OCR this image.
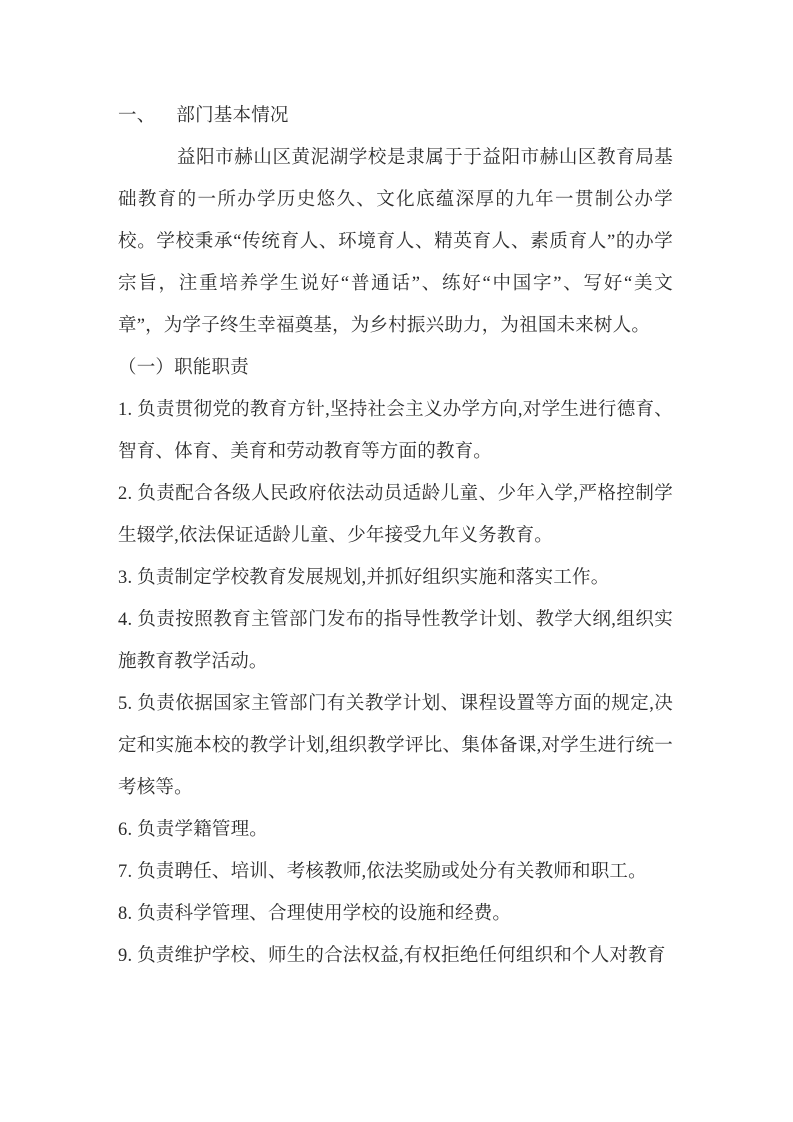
一、 部门基本情况

益阳市赫山区黄泥湖学校是隶属于于益阳市赫山区教育局基础教育的一所办学历史悠久、文化底蕴深厚的九年一贯制公办学校。学校秉承“传统育人、环境育人、精英育人、素质育人”的办学宗旨，注重培养学生说好“普通话”、练好“中国字”、写好“美文章”，为学子终生幸福奠基，为乡村振兴助力，为祖国未来树人。

（一）职能职责

1. 负责贯彻党的教育方针,坚持社会主义办学方向,对学生进行德育、智育、体育、美育和劳动教育等方面的教育。

2. 负责配合各级人民政府依法动员适龄儿童、少年入学,严格控制学生辍学,依法保证适龄儿童、少年接受九年义务教育。

3. 负责制定学校教育发展规划,并抓好组织实施和落实工作。

4. 负责按照教育主管部门发布的指导性教学计划、教学大纲,组织实施教育教学活动。

5. 负责依据国家主管部门有关教学计划、课程设置等方面的规定,决定和实施本校的教学计划,组织教学评比、集体备课,对学生进行统一考核等。

6. 负责学籍管理。

7. 负责聘任、培训、考核教师,依法奖励或处分有关教师和职工。

8. 负责科学管理、合理使用学校的设施和经费。

9. 负责维护学校、师生的合法权益,有权拒绝任何组织和个人对教育
